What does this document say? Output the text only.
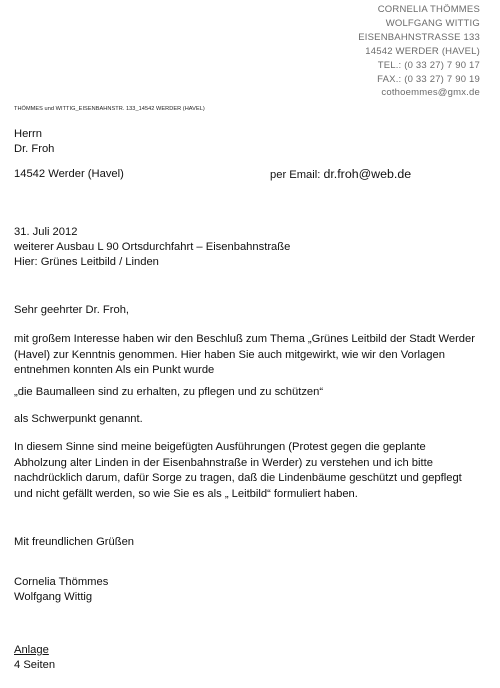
CORNELIA THÖMMES
WOLFGANG WITTIG
EISENBAHNSTRASSE 133
14542 WERDER (HAVEL)
TEL.: (0 33 27) 7 90 17
FAX.: (0 33 27) 7 90 19
cothoemmes@gmx.de
THÖMMES und WITTIG_EISENBAHNSTR. 133_14542 WERDER (HAVEL)
Herrn
Dr. Froh
14542 Werder (Havel)	per Email: dr.froh@web.de
31. Juli 2012
weiterer Ausbau L 90 Ortsdurchfahrt – Eisenbahnstraße
Hier: Grünes Leitbild / Linden
Sehr geehrter Dr. Froh,
mit großem Interesse haben wir den Beschluß zum Thema „Grünes Leitbild der Stadt Werder
(Havel) zur Kenntnis genommen. Hier haben Sie auch mitgewirkt, wie wir den Vorlagen
entnehmen konnten Als ein Punkt wurde
„die Baumalleen sind zu erhalten, zu pflegen und zu schützen“
als Schwerpunkt genannt.
In diesem Sinne sind meine beigefügten Ausführungen (Protest gegen die geplante
Abholzung alter Linden in der Eisenbahnstraße in Werder) zu verstehen und ich bitte
nachdrücklich darum, dafür Sorge zu tragen, daß die Lindenbäume geschützt und gepflegt
und nicht gefällt werden, so wie Sie es als „ Leitbild“ formuliert haben.
Mit freundlichen Grüßen
Cornelia Thömmes
Wolfgang Wittig
Anlage
4 Seiten
